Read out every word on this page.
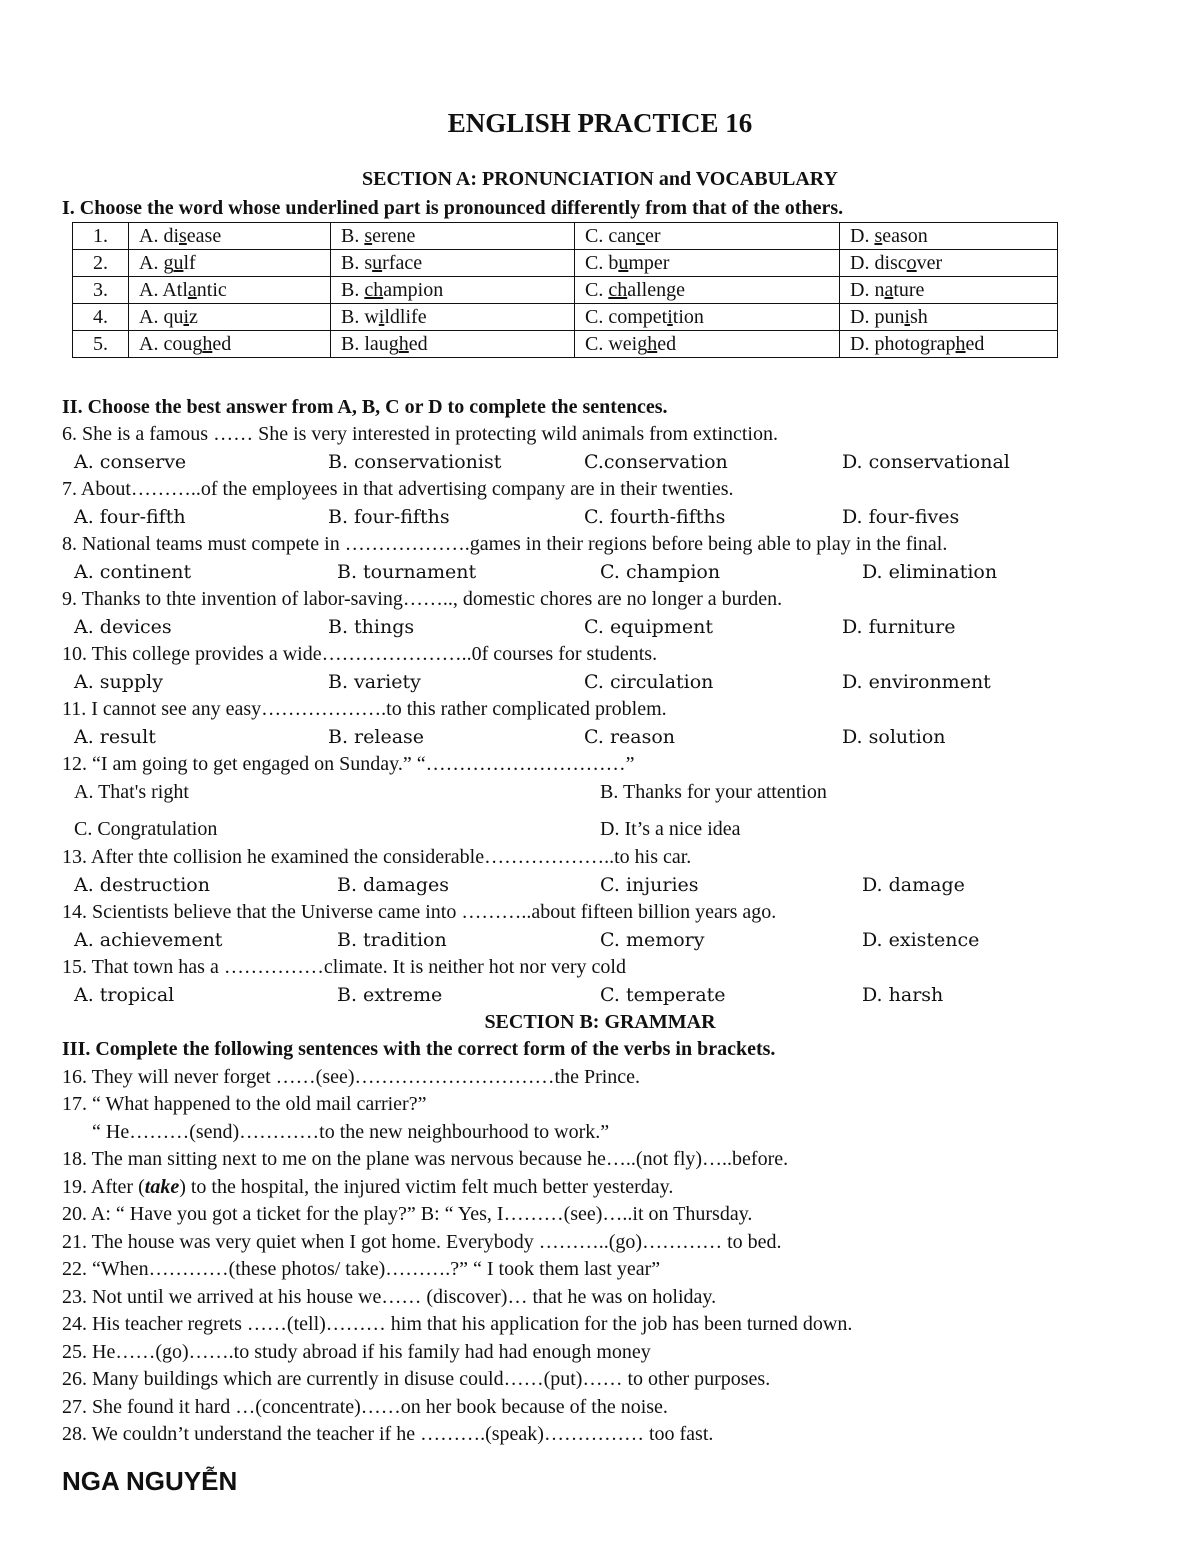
ENGLISH PRACTICE 16
SECTION A: PRONUNCIATION and VOCABULARY
I. Choose the word whose underlined part is pronounced differently from that of the others.
1.	A. disease	B. serene	C. cancer	D. season
2.	A. gulf	B. surface	C. bumper	D. discover
3.	A. Atlantic	B. champion	C. challenge	D. nature
4.	A. quiz	B. wildlife	C. competition	D. punish
5.	A. coughed	B. laughed	C. weighed	D. photographed
II. Choose the best answer from A, B, C or D to complete the sentences.
6. She is a famous …… She is very interested in protecting wild animals from extinction.
A. conserve	B. conservationist	C.conservation	D. conservational
7. About………..of the employees in that advertising company are in their twenties.
A. four-fifth	B. four-fifths	C. fourth-fifths	D. four-fives
8. National teams must compete in ……………….games in their regions before being able to play in the final.
A. continent	B. tournament	C. champion	D. elimination
9. Thanks to thte invention of labor-saving…….., domestic chores are no longer a burden.
A. devices	B. things	C. equipment	D. furniture
10. This college provides a wide…………………..0f courses for students.
A. supply	B. variety	C. circulation	D. environment
11. I cannot see any easy……………….to this rather complicated problem.
A. result	B. release	C. reason	D. solution
12. “I am going to get engaged on Sunday.” “…………………………”
A. That's right	B. Thanks for your attention
C. Congratulation	D. It’s a nice idea
13. After thte collision he examined the considerable………………..to his car.
A. destruction	B. damages	C. injuries	D. damage
14. Scientists believe that the Universe came into ………..about fifteen billion years ago.
A. achievement	B. tradition	C. memory	D. existence
15. That town has a ……………climate. It is neither hot nor very cold
A. tropical	B. extreme	C. temperate	D. harsh
SECTION B: GRAMMAR
III. Complete the following sentences with the correct form of the verbs in brackets.
16. They will never forget ……(see)…………………………the Prince.
17. “ What happened to the old mail carrier?”
“ He………(send)…………to the new neighbourhood to work.”
18. The man sitting next to me on the plane was nervous because he…..(not fly)…..before.
19. After (take) to the hospital, the injured victim felt much better yesterday.
20. A: “ Have you got a ticket for the play?” B: “ Yes, I………(see)…..it on Thursday.
21. The house was very quiet when I got home. Everybody ………..(go)………… to bed.
22. “When…………(these photos/ take)……….?” “ I took them last year”
23. Not until we arrived at his house we…… (discover)… that he was on holiday.
24. His teacher regrets ……(tell)……… him that his application for the job has been turned down.
25. He……(go)…….to study abroad if his family had had enough money
26. Many buildings which are currently in disuse could……(put)…… to other purposes.
27. She found it hard …(concentrate)……on her book because of the noise.
28. We couldn’t understand the teacher if he ……….(speak)…………… too fast.
NGA NGUYỄN
